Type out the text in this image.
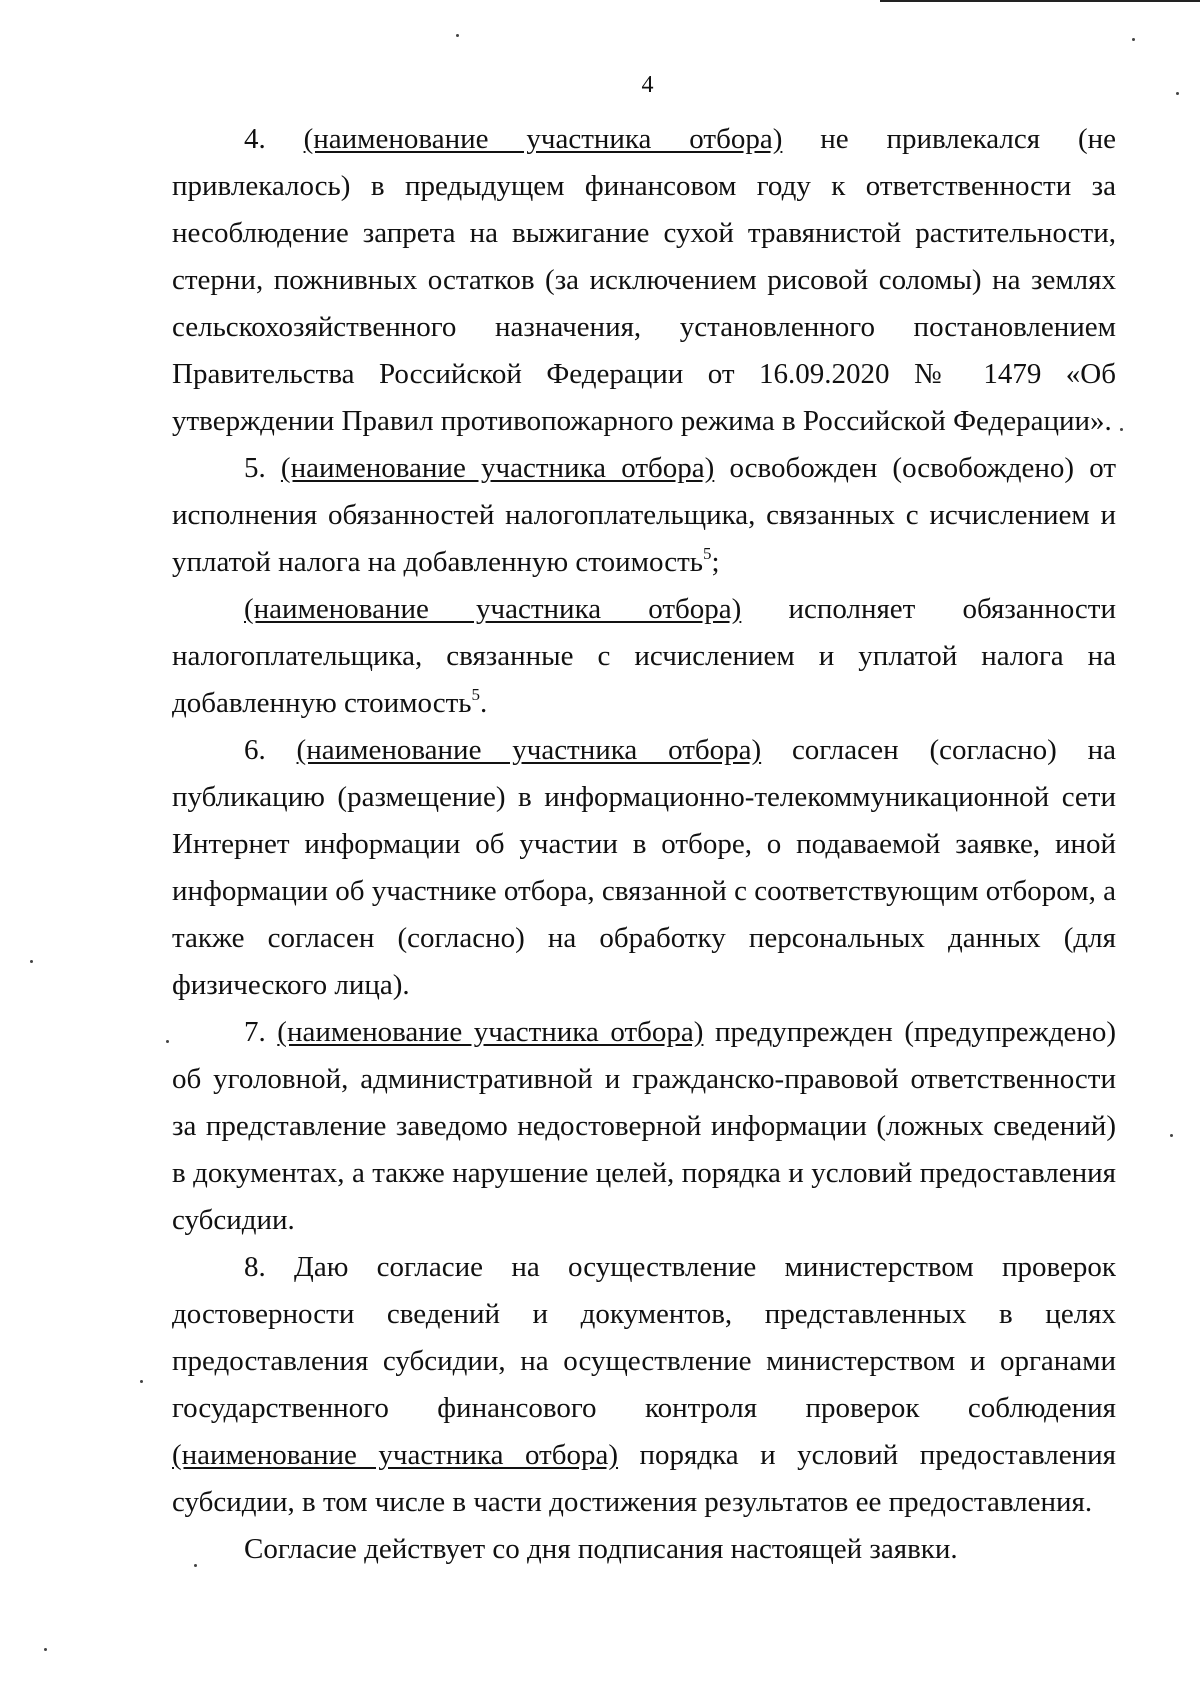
4

4. (наименование участника отбора) не привлекался (не привлекалось) в предыдущем финансовом году к ответственности за несоблюдение запрета на выжигание сухой травянистой растительности, стерни, пожнивных остатков (за исключением рисовой соломы) на землях сельскохозяйственного назначения, установленного постановлением Правительства Российской Федерации от 16.09.2020 № 1479 «Об утверждении Правил противопожарного режима в Российской Федерации».

5. (наименование участника отбора) освобожден (освобождено) от исполнения обязанностей налогоплательщика, связанных с исчислением и уплатой налога на добавленную стоимость$^5$;

(наименование участника отбора) исполняет обязанности налогоплательщика, связанные с исчислением и уплатой налога на добавленную стоимость$^5$.

6. (наименование участника отбора) согласен (согласно) на публикацию (размещение) в информационно-телекоммуникационной сети Интернет информации об участии в отборе, о подаваемой заявке, иной информации об участнике отбора, связанной с соответствующим отбором, а также согласен (согласно) на обработку персональных данных (для физического лица).

7. (наименование участника отбора) предупрежден (предупреждено) об уголовной, административной и гражданско-правовой ответственности за представление заведомо недостоверной информации (ложных сведений) в документах, а также нарушение целей, порядка и условий предоставления субсидии.

8. Даю согласие на осуществление министерством проверок достоверности сведений и документов, представленных в целях предоставления субсидии, на осуществление министерством и органами государственного финансового контроля проверок соблюдения (наименование участника отбора) порядка и условий предоставления субсидии, в том числе в части достижения результатов ее предоставления.

Согласие действует со дня подписания настоящей заявки.
